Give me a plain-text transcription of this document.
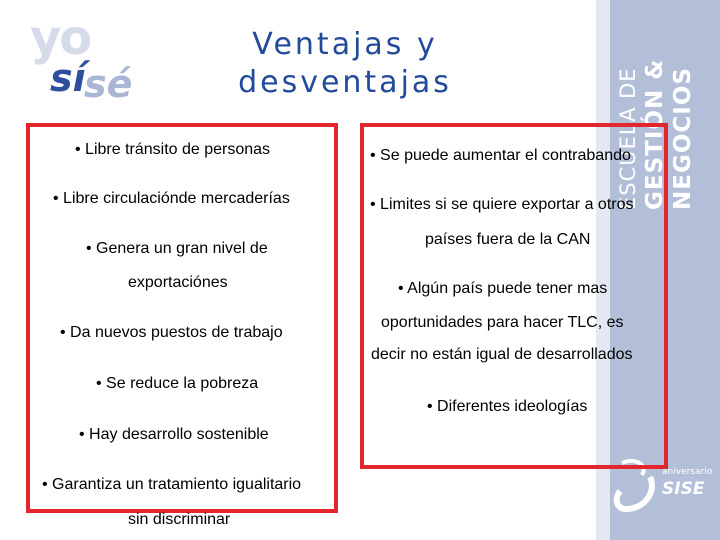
yo
sí
sé
Ventajas y
desventajas	ESCUELA DE GESTIÓN & NEGOCIOS
aniversario
SISE
• Libre tránsito de personas
• Libre circulacióndе mercaderías
• Genera un gran nivel de
exportaciónes
• Da nuevos puestos de trabajo
• Se reduce la pobreza
• Hay desarrollo sostenible
• Garantiza un tratamiento igualitario
sin discriminar
• Se puede aumentar el contrabando
• Limites si se quiere exportar a otros
países fuera de la CAN
• Algún país puede tener mas
oportunidades para hacer TLC, es
decir no están igual de desarrollados
• Diferentes ideologías
